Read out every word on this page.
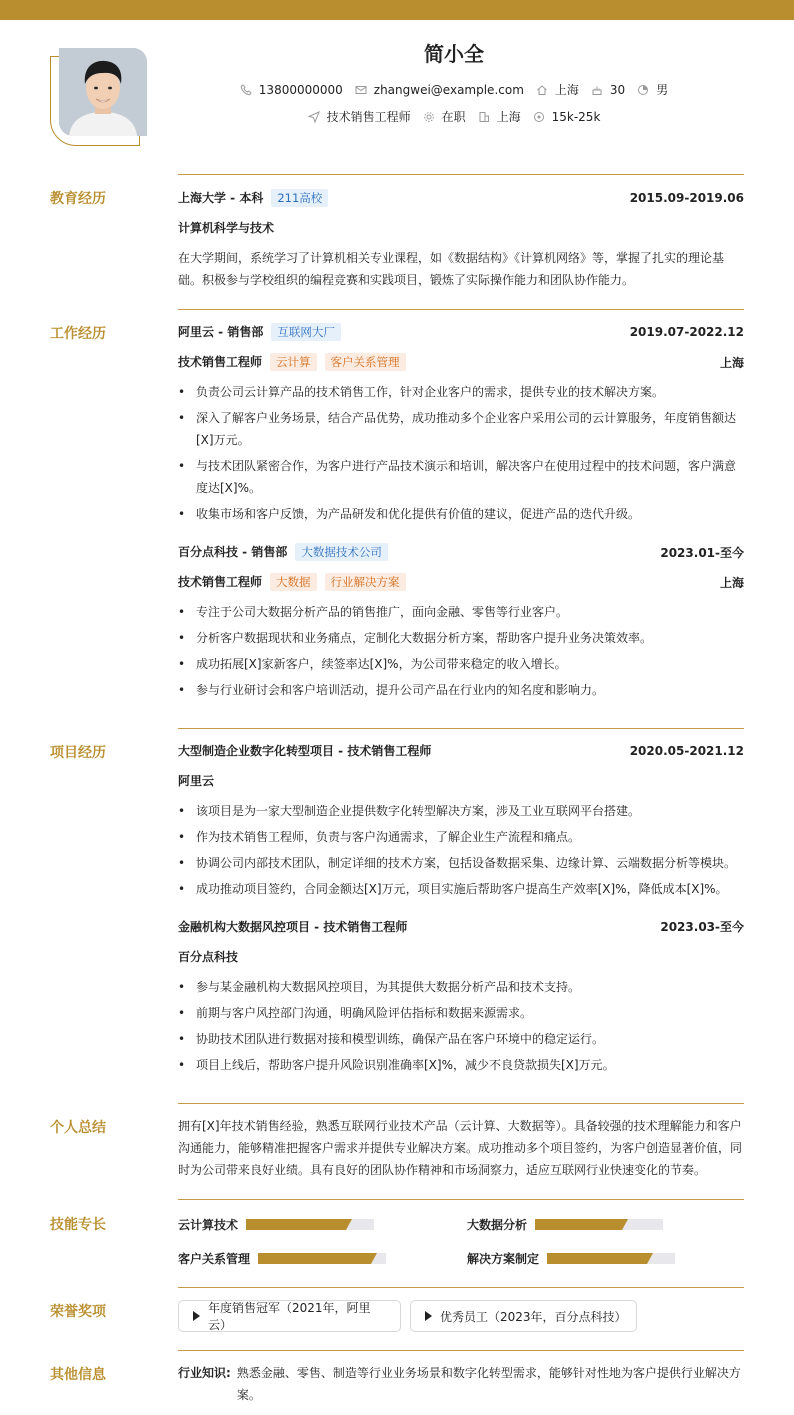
简小全
13800000000	zhangwei@example.com	上海	30	男
技术销售工程师	在职	上海	15k-25k
教育经历	上海大学 - 本科 211高校	2015.09-2019.06
计算机科学与技术
在大学期间，系统学习了计算机相关专业课程，如《数据结构》《计算机网络》等，掌握了扎实的理论基础。积极参与学校组织的编程竞赛和实践项目，锻炼了实际操作能力和团队协作能力。
工作经历	阿里云 - 销售部 互联网大厂	2019.07-2022.12
技术销售工程师 云计算 客户关系管理	上海
• 负责公司云计算产品的技术销售工作，针对企业客户的需求，提供专业的技术解决方案。
• 深入了解客户业务场景，结合产品优势，成功推动多个企业客户采用公司的云计算服务，年度销售额达[X]万元。
• 与技术团队紧密合作，为客户进行产品技术演示和培训，解决客户在使用过程中的技术问题，客户满意度达[X]%。
• 收集市场和客户反馈，为产品研发和优化提供有价值的建议，促进产品的迭代升级。
百分点科技 - 销售部 大数据技术公司	2023.01-至今
技术销售工程师 大数据 行业解决方案	上海
• 专注于公司大数据分析产品的销售推广，面向金融、零售等行业客户。
• 分析客户数据现状和业务痛点，定制化大数据分析方案，帮助客户提升业务决策效率。
• 成功拓展[X]家新客户，续签率达[X]%，为公司带来稳定的收入增长。
• 参与行业研讨会和客户培训活动，提升公司产品在行业内的知名度和影响力。
项目经历	大型制造企业数字化转型项目 - 技术销售工程师	2020.05-2021.12
阿里云
• 该项目是为一家大型制造企业提供数字化转型解决方案，涉及工业互联网平台搭建。
• 作为技术销售工程师，负责与客户沟通需求，了解企业生产流程和痛点。
• 协调公司内部技术团队，制定详细的技术方案，包括设备数据采集、边缘计算、云端数据分析等模块。
• 成功推动项目签约，合同金额达[X]万元，项目实施后帮助客户提高生产效率[X]%，降低成本[X]%。
金融机构大数据风控项目 - 技术销售工程师	2023.03-至今
百分点科技
• 参与某金融机构大数据风控项目，为其提供大数据分析产品和技术支持。
• 前期与客户风控部门沟通，明确风险评估指标和数据来源需求。
• 协助技术团队进行数据对接和模型训练，确保产品在客户环境中的稳定运行。
• 项目上线后，帮助客户提升风险识别准确率[X]%，减少不良贷款损失[X]万元。
个人总结	拥有[X]年技术销售经验，熟悉互联网行业技术产品（云计算、大数据等）。具备较强的技术理解能力和客户沟通能力，能够精准把握客户需求并提供专业解决方案。成功推动多个项目签约，为客户创造显著价值，同时为公司带来良好业绩。具有良好的团队协作精神和市场洞察力，适应互联网行业快速变化的节奏。
技能专长	云计算技术	大数据分析
客户关系管理	解决方案制定
荣誉奖项	年度销售冠军（2021年，阿里云）
优秀员工（2023年，百分点科技）
其他信息	行业知识: 熟悉金融、零售、制造等行业业务场景和数字化转型需求，能够针对性地为客户提供行业解决方案。
